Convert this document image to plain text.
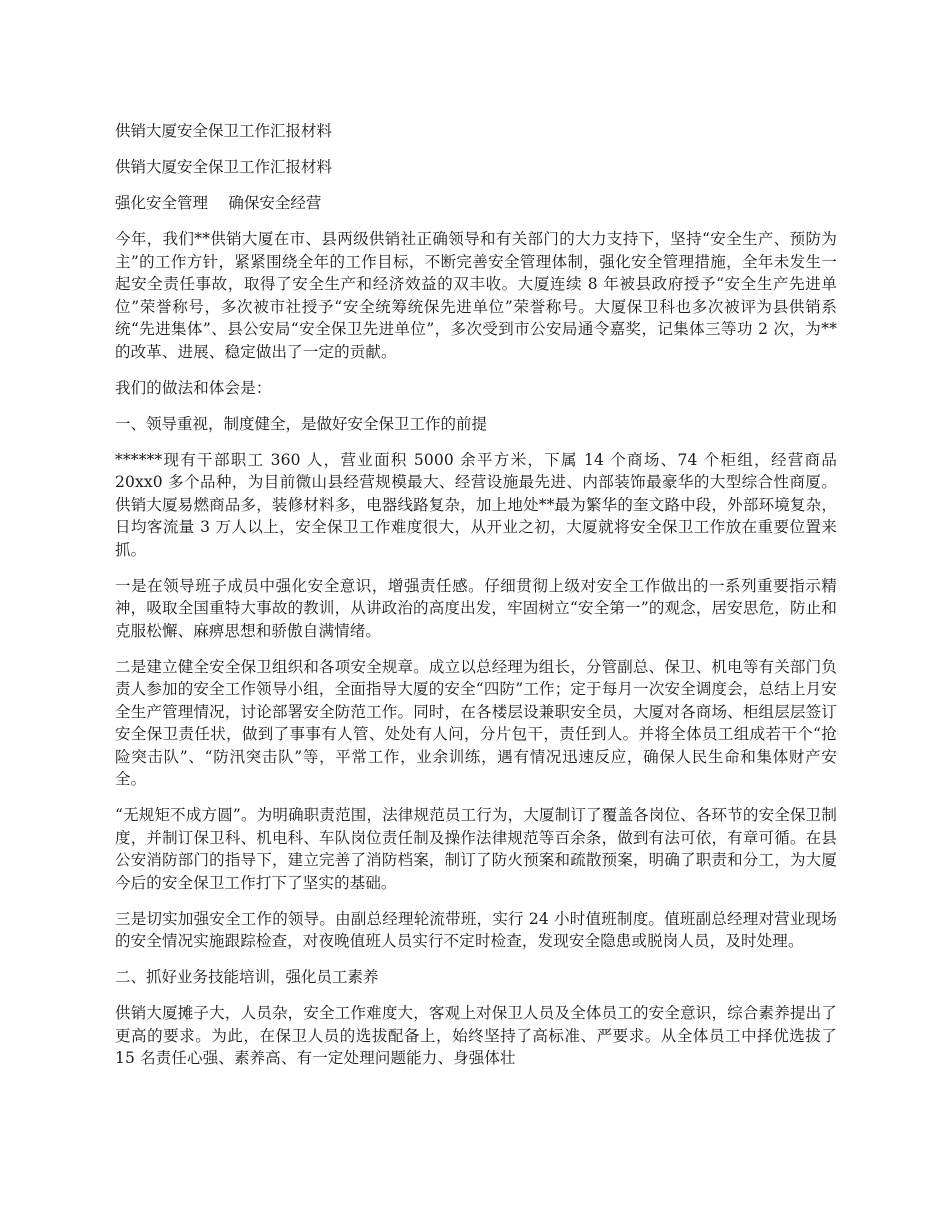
供销大厦安全保卫工作汇报材料

供销大厦安全保卫工作汇报材料

强化安全管理　 确保安全经营

今年，我们**供销大厦在市、县两级供销社正确领导和有关部门的大力支持下，坚持“安全生产、预防为主”的工作方针，紧紧围绕全年的工作目标，不断完善安全管理体制，强化安全管理措施，全年未发生一起安全责任事故，取得了安全生产和经济效益的双丰收。大厦连续 8 年被县政府授予“安全生产先进单位”荣誉称号，多次被市社授予“安全统筹统保先进单位”荣誉称号。大厦保卫科也多次被评为县供销系统“先进集体”、县公安局“安全保卫先进单位”，多次受到市公安局通令嘉奖，记集体三等功 2 次，为**的改革、进展、稳定做出了一定的贡献。

我们的做法和体会是：

一、领导重视，制度健全，是做好安全保卫工作的前提

******现有干部职工 360 人，营业面积 5000 余平方米，下属 14 个商场、74 个柜组，经营商品 20xx0 多个品种，为目前微山县经营规模最大、经营设施最先进、内部装饰最豪华的大型综合性商厦。供销大厦易燃商品多，装修材料多，电器线路复杂，加上地处**最为繁华的奎文路中段，外部环境复杂，日均客流量 3 万人以上，安全保卫工作难度很大，从开业之初，大厦就将安全保卫工作放在重要位置来抓。

一是在领导班子成员中强化安全意识，增强责任感。仔细贯彻上级对安全工作做出的一系列重要指示精神，吸取全国重特大事故的教训，从讲政治的高度出发，牢固树立“安全第一”的观念，居安思危，防止和克服松懈、麻痹思想和骄傲自满情绪。

二是建立健全安全保卫组织和各项安全规章。成立以总经理为组长，分管副总、保卫、机电等有关部门负责人参加的安全工作领导小组，全面指导大厦的安全“四防”工作；定于每月一次安全调度会，总结上月安全生产管理情况，讨论部署安全防范工作。同时，在各楼层设兼职安全员，大厦对各商场、柜组层层签订安全保卫责任状，做到了事事有人管、处处有人问，分片包干，责任到人。并将全体员工组成若干个“抢险突击队”、“防汛突击队”等，平常工作，业余训练，遇有情况迅速反应，确保人民生命和集体财产安全。

“无规矩不成方圆”。为明确职责范围，法律规范员工行为，大厦制订了覆盖各岗位、各环节的安全保卫制度，并制订保卫科、机电科、车队岗位责任制及操作法律规范等百余条，做到有法可依，有章可循。在县公安消防部门的指导下，建立完善了消防档案，制订了防火预案和疏散预案，明确了职责和分工，为大厦今后的安全保卫工作打下了坚实的基础。

三是切实加强安全工作的领导。由副总经理轮流带班，实行 24 小时值班制度。值班副总经理对营业现场的安全情况实施跟踪检查，对夜晚值班人员实行不定时检查，发现安全隐患或脱岗人员，及时处理。

二、抓好业务技能培训，强化员工素养

供销大厦摊子大，人员杂，安全工作难度大，客观上对保卫人员及全体员工的安全意识，综合素养提出了更高的要求。为此，在保卫人员的选拔配备上，始终坚持了高标准、严要求。从全体员工中择优选拔了 15 名责任心强、素养高、有一定处理问题能力、身强体壮
